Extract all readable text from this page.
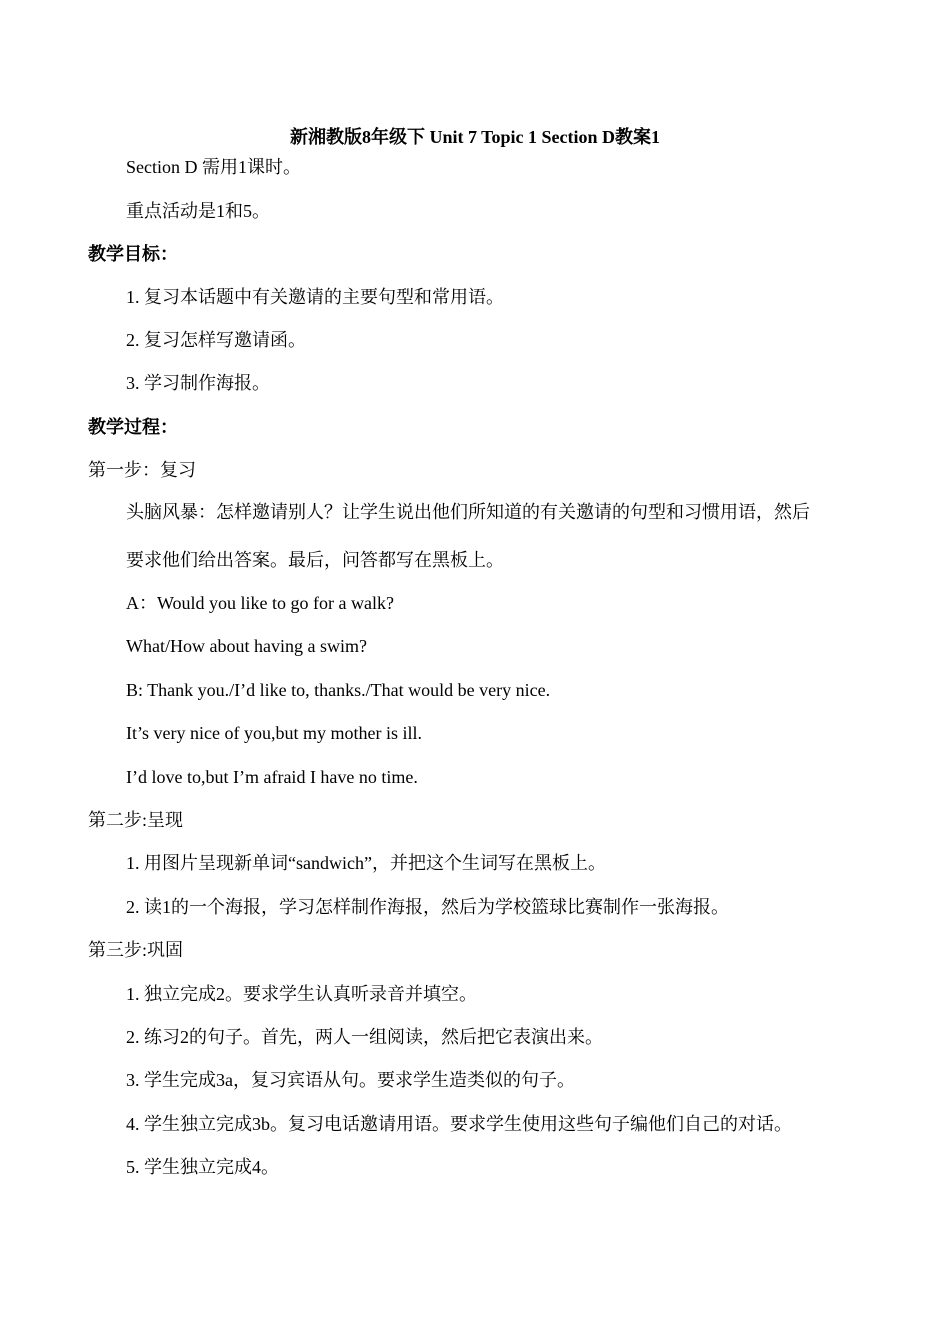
新湘教版8年级下 Unit 7 Topic 1 Section D教案1
Section D 需用1课时。
重点活动是1和5。
教学目标：
1. 复习本话题中有关邀请的主要句型和常用语。
2. 复习怎样写邀请函。
3. 学习制作海报。
教学过程：
第一步：复习
头脑风暴：怎样邀请别人？让学生说出他们所知道的有关邀请的句型和习惯用语，然后
要求他们给出答案。最后，问答都写在黑板上。
A：Would you like to go for a walk?
What/How about having a swim?
B: Thank you./I’d like to, thanks./That would be very nice.
It’s very nice of you,but my mother is ill.
I’d love to,but I’m afraid I have no time.
第二步:呈现
1. 用图片呈现新单词“sandwich”，并把这个生词写在黑板上。
2. 读1的一个海报，学习怎样制作海报，然后为学校篮球比赛制作一张海报。
第三步:巩固
1. 独立完成2。要求学生认真听录音并填空。
2. 练习2的句子。首先，两人一组阅读，然后把它表演出来。
3. 学生完成3a，复习宾语从句。要求学生造类似的句子。
4. 学生独立完成3b。复习电话邀请用语。要求学生使用这些句子编他们自己的对话。
5. 学生独立完成4。
